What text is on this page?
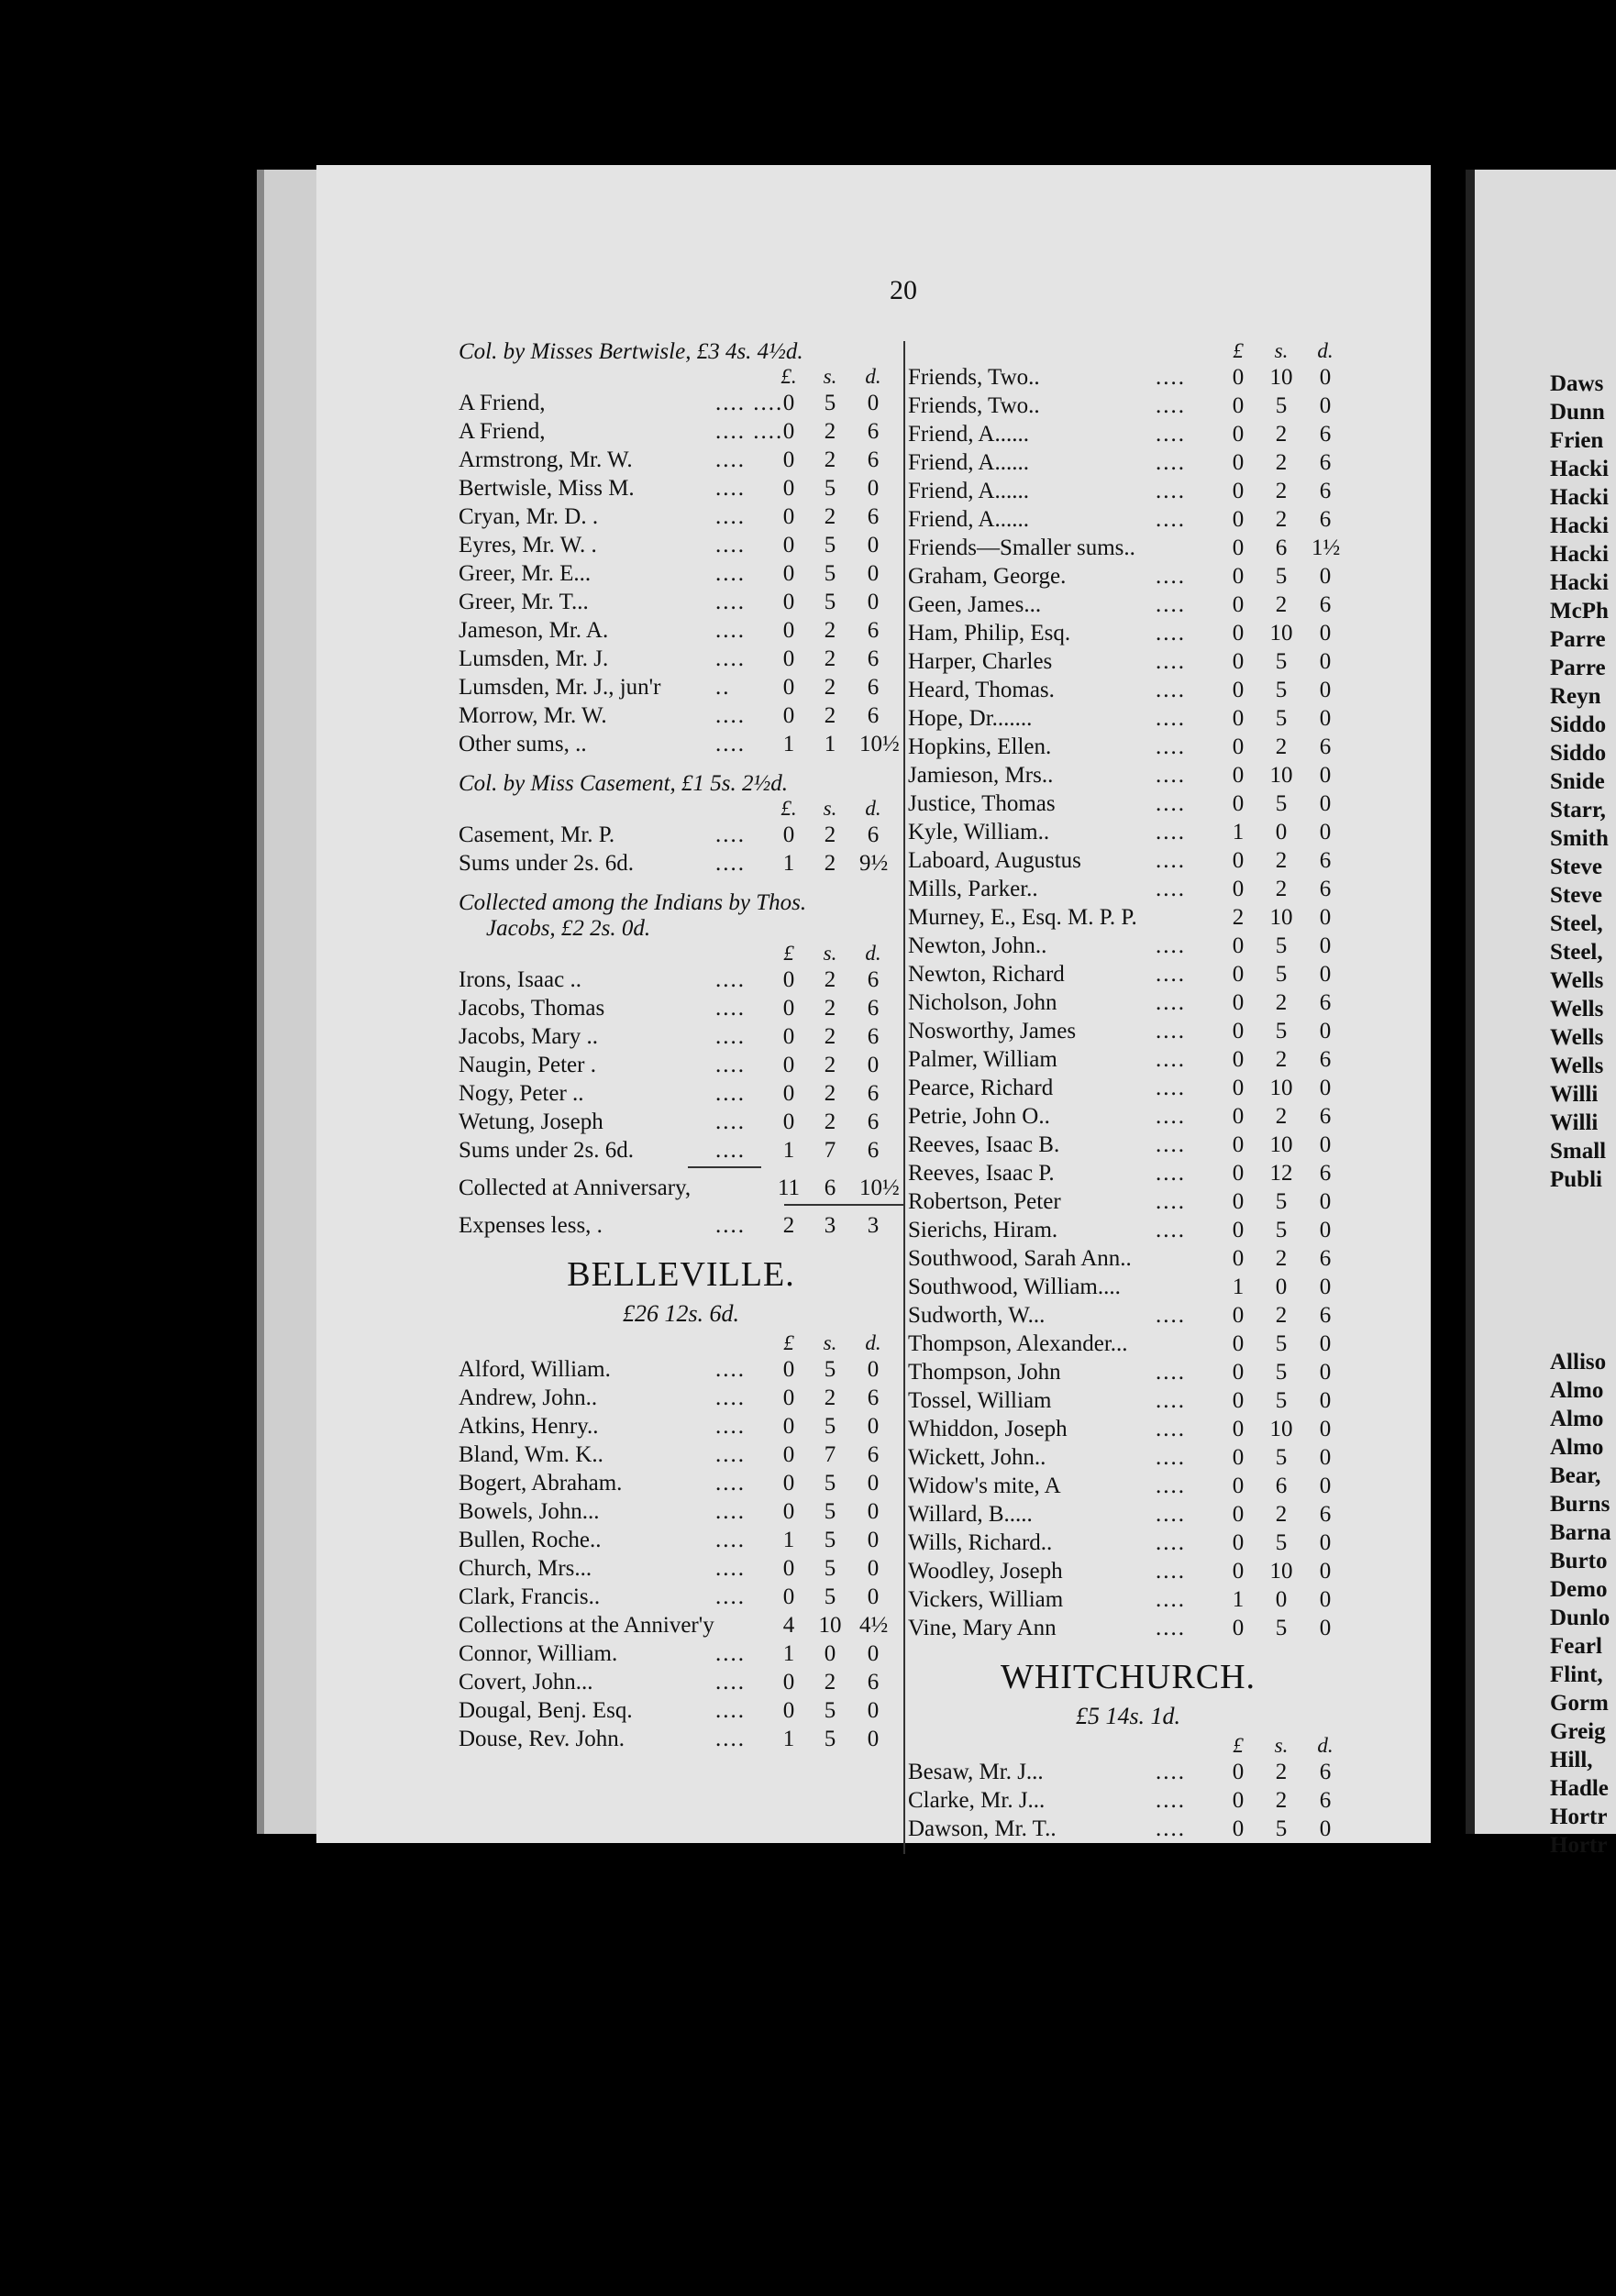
Daws
Dunn
Frien
Hacki
Hacki
Hacki
Hacki
Hacki
McPh
Parre
Parre
Reyn
Siddo
Siddo
Snide
Starr,
Smith
Steve
Steve
Steel,
Steel,
Wells
Wells
Wells
Wells
Willi
Willi
Small
Publi
Alliso
Almo
Almo
Almo
Bear,
Burns
Barna
Burto
Demo
Dunlo
Fearl
Flint,
Gorm
Greig
Hill,
Hadle
Hortr
Hortr
20
Col. by Misses Bertwisle, £3 4s. 4½d.
£.	s.	d.
A Friend,	.... .... 0	5	0
A Friend,	.... .... 0	2	6
Armstrong, Mr. W.	....	0	2	6
Bertwisle, Miss M.	....	0	5	0
Cryan, Mr. D. .	....	0	2	6
Eyres, Mr. W. .	....	0	5	0
Greer, Mr. E...	....	0	5	0
Greer, Mr. T...	....	0	5	0
Jameson, Mr. A.	....	0	2	6
Lumsden, Mr. J.	....	0	2	6
Lumsden, Mr. J., jun'r ..	0	2	6
Morrow, Mr. W.	....	0	2	6
Other sums, ..	....	1	1	10½
Col. by Miss Casement, £1 5s. 2½d.
£.	s.	d.
Casement, Mr. P.	....	0	2	6
Sums under 2s. 6d.	....	1	2	9½
Collected among the Indians by Thos.
Jacobs, £2 2s. 0d.
£	s.	d.
Irons, Isaac ..	....	0	2	6
Jacobs, Thomas	....	0	2	6
Jacobs, Mary ..	....	0	2	6
Naugin, Peter .	....	0	2	0
Nogy, Peter ..	....	0	2	6
Wetung, Joseph	....	0	2	6
Sums under 2s. 6d.	....	1	7	6
Collected at Anniversary,	11	6	10½
Expenses less, .	....	2	3	3
BELLEVILLE.
£26 12s. 6d.
£	s.	d.
Alford, William.	....	0	5	0
Andrew, John..	....	0	2	6
Atkins, Henry..	....	0	5	0
Bland, Wm. K..	....	0	7	6
Bogert, Abraham.	....	0	5	0
Bowels, John...	....	0	5	0
Bullen, Roche..	....	1	5	0
Church, Mrs...	....	0	5	0
Clark, Francis..	....	0	5	0
Collections at the Anniver'y	4	10 4½
Connor, William.	....	1	0	0
Covert, John...	....	0	2	6
Dougal, Benj. Esq.	....	0	5	0
Douse, Rev. John.	....	1	5	0
£	s.	d.
Friends, Two..	....	0	10	0
Friends, Two..	....	0	5	0
Friend, A......	....	0	2	6
Friend, A......	....	0	2	6
Friend, A......	....	0	2	6
Friend, A......	....	0	2	6
Friends—Smaller sums..	0	6	1½
Graham, George.	....	0	5	0
Geen, James...	....	0	2	6
Ham, Philip, Esq.	....	0	10	0
Harper, Charles	....	0	5	0
Heard, Thomas.	....	0	5	0
Hope, Dr.......	....	0	5	0
Hopkins, Ellen.	....	0	2	6
Jamieson, Mrs..	....	0	10	0
Justice, Thomas	....	0	5	0
Kyle, William..	....	1	0	0
Laboard, Augustus	....	0	2	6
Mills, Parker..	....	0	2	6
Murney, E., Esq. M. P. P.	2	10	0
Newton, John..	....	0	5	0
Newton, Richard	....	0	5	0
Nicholson, John	....	0	2	6
Nosworthy, James	....	0	5	0
Palmer, William	....	0	2	6
Pearce, Richard	....	0	10	0
Petrie, John O..	....	0	2	6
Reeves, Isaac B.	....	0	10	0
Reeves, Isaac P.	....	0	12	6
Robertson, Peter	....	0	5	0
Sierichs, Hiram.	....	0	5	0
Southwood, Sarah Ann..	0	2	6
Southwood, William....	1	0	0
Sudworth, W...	....	0	2	6
Thompson, Alexander...	0	5	0
Thompson, John	....	0	5	0
Tossel, William	....	0	5	0
Whiddon, Joseph	....	0	10	0
Wickett, John..	....	0	5	0
Widow's mite, A	....	0	6	0
Willard, B.....	....	0	2	6
Wills, Richard..	....	0	5	0
Woodley, Joseph	....	0	10	0
Vickers, William	....	1	0	0
Vine, Mary Ann	....	0	5	0
WHITCHURCH.
£5 14s. 1d.
£	s.	d.
Besaw, Mr. J...	....	0	2	6
Clarke, Mr. J...	....	0	2	6
Dawson, Mr. T..	....	0	5	0
